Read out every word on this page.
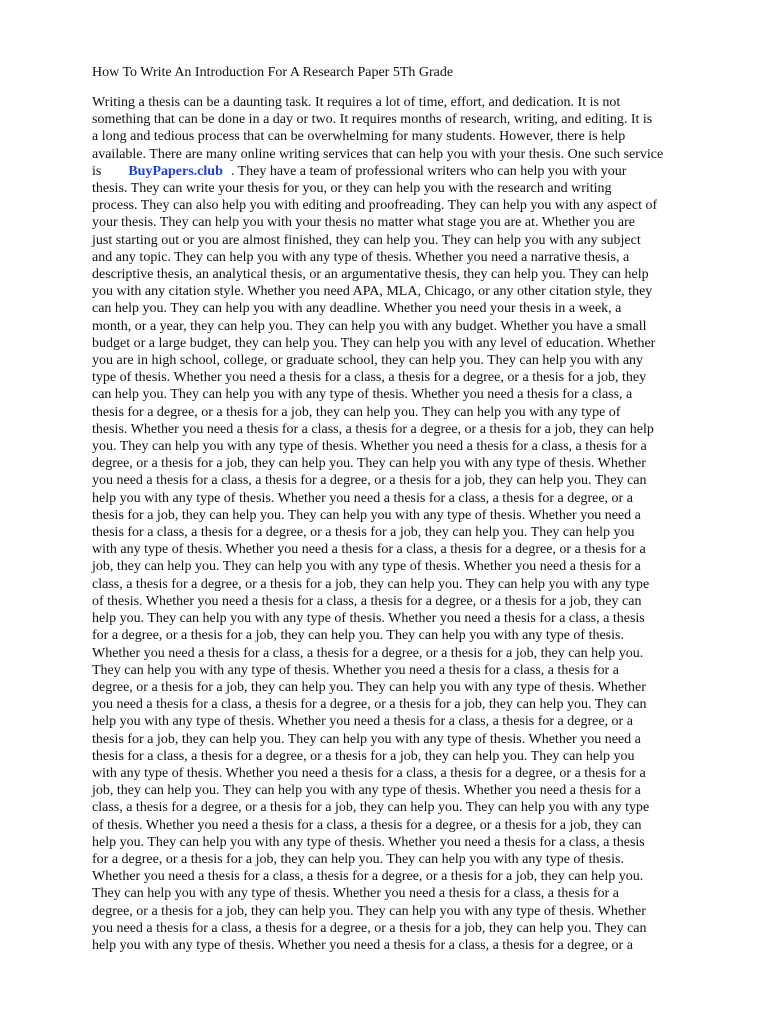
How To Write An Introduction For A Research Paper 5Th Grade
Writing a thesis can be a daunting task. It requires a lot of time, effort, and dedication. It is not
something that can be done in a day or two. It requires months of research, writing, and editing. It is
a long and tedious process that can be overwhelming for many students. However, there is help
available. There are many online writing services that can help you with your thesis. One such service
is BuyPapers.club . They have a team of professional writers who can help you with your
thesis. They can write your thesis for you, or they can help you with the research and writing
process. They can also help you with editing and proofreading. They can help you with any aspect of
your thesis. They can help you with your thesis no matter what stage you are at. Whether you are
just starting out or you are almost finished, they can help you. They can help you with any subject
and any topic. They can help you with any type of thesis. Whether you need a narrative thesis, a
descriptive thesis, an analytical thesis, or an argumentative thesis, they can help you. They can help
you with any citation style. Whether you need APA, MLA, Chicago, or any other citation style, they
can help you. They can help you with any deadline. Whether you need your thesis in a week, a
month, or a year, they can help you. They can help you with any budget. Whether you have a small
budget or a large budget, they can help you. They can help you with any level of education. Whether
you are in high school, college, or graduate school, they can help you. They can help you with any
type of thesis. Whether you need a thesis for a class, a thesis for a degree, or a thesis for a job, they
can help you. They can help you with any type of thesis. Whether you need a thesis for a class, a
thesis for a degree, or a thesis for a job, they can help you. They can help you with any type of
thesis. Whether you need a thesis for a class, a thesis for a degree, or a thesis for a job, they can help
you. They can help you with any type of thesis. Whether you need a thesis for a class, a thesis for a
degree, or a thesis for a job, they can help you. They can help you with any type of thesis. Whether
you need a thesis for a class, a thesis for a degree, or a thesis for a job, they can help you. They can
help you with any type of thesis. Whether you need a thesis for a class, a thesis for a degree, or a
thesis for a job, they can help you. They can help you with any type of thesis. Whether you need a
thesis for a class, a thesis for a degree, or a thesis for a job, they can help you. They can help you
with any type of thesis. Whether you need a thesis for a class, a thesis for a degree, or a thesis for a
job, they can help you. They can help you with any type of thesis. Whether you need a thesis for a
class, a thesis for a degree, or a thesis for a job, they can help you. They can help you with any type
of thesis. Whether you need a thesis for a class, a thesis for a degree, or a thesis for a job, they can
help you. They can help you with any type of thesis. Whether you need a thesis for a class, a thesis
for a degree, or a thesis for a job, they can help you. They can help you with any type of thesis.
Whether you need a thesis for a class, a thesis for a degree, or a thesis for a job, they can help you.
They can help you with any type of thesis. Whether you need a thesis for a class, a thesis for a
degree, or a thesis for a job, they can help you. They can help you with any type of thesis. Whether
you need a thesis for a class, a thesis for a degree, or a thesis for a job, they can help you. They can
help you with any type of thesis. Whether you need a thesis for a class, a thesis for a degree, or a
thesis for a job, they can help you. They can help you with any type of thesis. Whether you need a
thesis for a class, a thesis for a degree, or a thesis for a job, they can help you. They can help you
with any type of thesis. Whether you need a thesis for a class, a thesis for a degree, or a thesis for a
job, they can help you. They can help you with any type of thesis. Whether you need a thesis for a
class, a thesis for a degree, or a thesis for a job, they can help you. They can help you with any type
of thesis. Whether you need a thesis for a class, a thesis for a degree, or a thesis for a job, they can
help you. They can help you with any type of thesis. Whether you need a thesis for a class, a thesis
for a degree, or a thesis for a job, they can help you. They can help you with any type of thesis.
Whether you need a thesis for a class, a thesis for a degree, or a thesis for a job, they can help you.
They can help you with any type of thesis. Whether you need a thesis for a class, a thesis for a
degree, or a thesis for a job, they can help you. They can help you with any type of thesis. Whether
you need a thesis for a class, a thesis for a degree, or a thesis for a job, they can help you. They can
help you with any type of thesis. Whether you need a thesis for a class, a thesis for a degree, or a
